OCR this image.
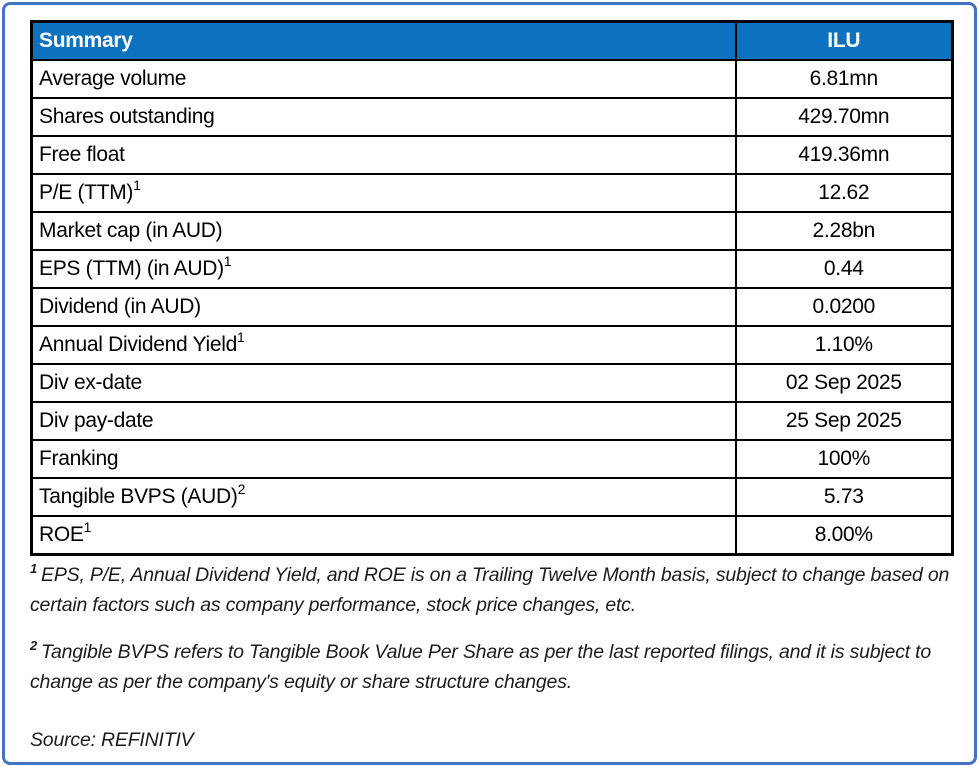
Summary	ILU
Average volume	6.81mn
Shares outstanding	429.70mn
Free float	419.36mn
P/E (TTM)$^1$	12.62
Market cap (in AUD)	2.28bn
EPS (TTM) (in AUD)$^1$	0.44
Dividend (in AUD)	0.0200
Annual Dividend Yield$^1$	1.10%
Div ex-date	02 Sep 2025
Div pay-date	25 Sep 2025
Franking	100%
Tangible BVPS (AUD)$^2$	5.73
ROE$^1$	8.00%

$^1$ EPS, P/E, Annual Dividend Yield, and ROE is on a Trailing Twelve Month basis, subject to change based on certain factors such as company performance, stock price changes, etc.

$^2$ Tangible BVPS refers to Tangible Book Value Per Share as per the last reported filings, and it is subject to change as per the company's equity or share structure changes.

Source: REFINITIV
